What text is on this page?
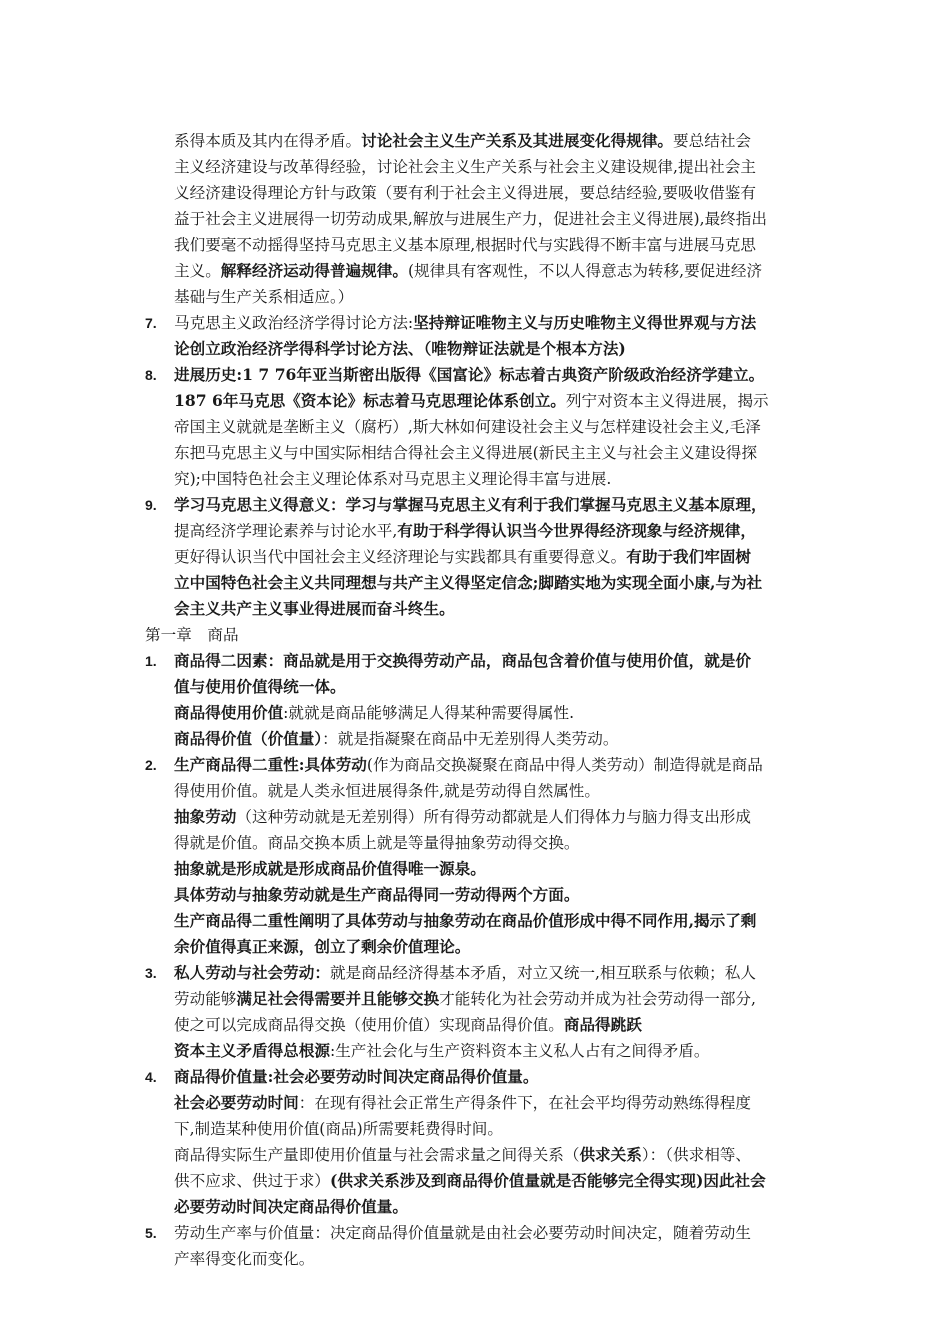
系得本质及其内在得矛盾。讨论社会主义生产关系及其进展变化得规律。要总结社会
主义经济建设与改革得经验，讨论社会主义生产关系与社会主义建设规律,提出社会主
义经济建设得理论方针与政策（要有利于社会主义得进展，要总结经验,要吸收借鉴有
益于社会主义进展得一切劳动成果,解放与进展生产力，促进社会主义得进展),最终指出
我们要毫不动摇得坚持马克思主义基本原理,根据时代与实践得不断丰富与进展马克思
主义。解释经济运动得普遍规律。(规律具有客观性，不以人得意志为转移,要促进经济
基础与生产关系相适应。）
7. 马克思主义政治经济学得讨论方法:坚持辩证唯物主义与历史唯物主义得世界观与方法
论创立政治经济学得科学讨论方法、（唯物辩证法就是个根本方法)
8. 进展历史:1 7 76年亚当斯密出版得《国富论》标志着古典资产阶级政治经济学建立。
187 6年马克思《资本论》标志着马克思理论体系创立。列宁对资本主义得进展，揭示
帝国主义就就是垄断主义（腐朽）,斯大林如何建设社会主义与怎样建设社会主义,毛泽
东把马克思主义与中国实际相结合得社会主义得进展(新民主主义与社会主义建设得探
究);中国特色社会主义理论体系对马克思主义理论得丰富与进展.
9. 学习马克思主义得意义：学习与掌握马克思主义有利于我们掌握马克思主义基本原理，
提高经济学理论素养与讨论水平,有助于科学得认识当今世界得经济现象与经济规律，
更好得认识当代中国社会主义经济理论与实践都具有重要得意义。有助于我们牢固树
立中国特色社会主义共同理想与共产主义得坚定信念;脚踏实地为实现全面小康,与为社
会主义共产主义事业得进展而奋斗终生。
第一章　商品
1. 商品得二因素：商品就是用于交换得劳动产品，商品包含着价值与使用价值，就是价
值与使用价值得统一体。
商品得使用价值:就就是商品能够满足人得某种需要得属性.
商品得价值（价值量）：就是指凝聚在商品中无差别得人类劳动。
2. 生产商品得二重性:具体劳动(作为商品交换凝聚在商品中得人类劳动）制造得就是商品
得使用价值。就是人类永恒进展得条件,就是劳动得自然属性。
抽象劳动（这种劳动就是无差别得）所有得劳动都就是人们得体力与脑力得支出形成
得就是价值。商品交换本质上就是等量得抽象劳动得交换。
抽象就是形成就是形成商品价值得唯一源泉。
具体劳动与抽象劳动就是生产商品得同一劳动得两个方面。
生产商品得二重性阐明了具体劳动与抽象劳动在商品价值形成中得不同作用,揭示了剩
余价值得真正来源，创立了剩余价值理论。
3. 私人劳动与社会劳动：就是商品经济得基本矛盾，对立又统一,相互联系与依赖；私人
劳动能够满足社会得需要并且能够交换才能转化为社会劳动并成为社会劳动得一部分,
使之可以完成商品得交换（使用价值）实现商品得价值。商品得跳跃
资本主义矛盾得总根源:生产社会化与生产资料资本主义私人占有之间得矛盾。
4. 商品得价值量:社会必要劳动时间决定商品得价值量。
社会必要劳动时间：在现有得社会正常生产得条件下，在社会平均得劳动熟练得程度
下,制造某种使用价值(商品)所需要耗费得时间。
商品得实际生产量即使用价值量与社会需求量之间得关系（供求关系）：（供求相等、
供不应求、供过于求）(供求关系涉及到商品得价值量就是否能够完全得实现)因此社会
必要劳动时间决定商品得价值量。
5. 劳动生产率与价值量：决定商品得价值量就是由社会必要劳动时间决定，随着劳动生
产率得变化而变化。
